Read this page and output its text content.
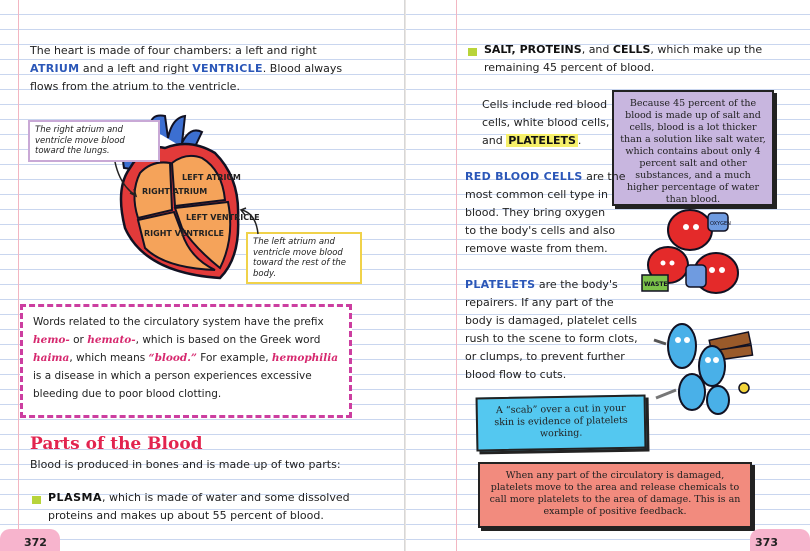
The heart is made of four chambers: a left and right
ATRIUM and a left and right VENTRICLE. Blood always
flows from the atrium to the ventricle.

RIGHT ATRIUM
LEFT ATRIUM
LEFT VENTRICLE
RIGHT VENTRICLE
The right atrium and ventricle move blood toward the lungs.
The left atrium and ventricle move blood toward the rest of the body.

Words related to the circulatory system have the prefix
hemo- or hemato-, which is based on the Greek word
haima, which means “blood.” For example, hemophilia
is a disease in which a person experiences excessive
bleeding due to poor blood clotting.

Parts of the Blood

Blood is produced in bones and is made up of two parts:

PLASMA, which is made of water and some dissolved
proteins and makes up about 55 percent of blood.

372

SALT, PROTEINS, and CELLS, which make up the
remaining 45 percent of blood.

Cells include red blood
cells, white blood cells,
and PLATELETS .

Because 45 percent of the blood is made up of salt and cells, blood is a lot thicker than a solution like salt water, which contains about only 4 percent salt and other substances, and a much higher percentage of water than blood.

RED BLOOD CELLS are the
most common cell type in
blood. They bring oxygen
to the body's cells and also
remove waste from them.

PLATELETS are the body's
repairers. If any part of the
body is damaged, platelet cells
rush to the scene to form clots,
or clumps, to prevent further
blood flow to cuts.

OXYGEN
WASTE
A “scab” over a cut in your skin is evidence of platelets working.
When any part of the circulatory is damaged, platelets move to the area and release chemicals to call more platelets to the area of damage. This is an example of positive feedback.
373
